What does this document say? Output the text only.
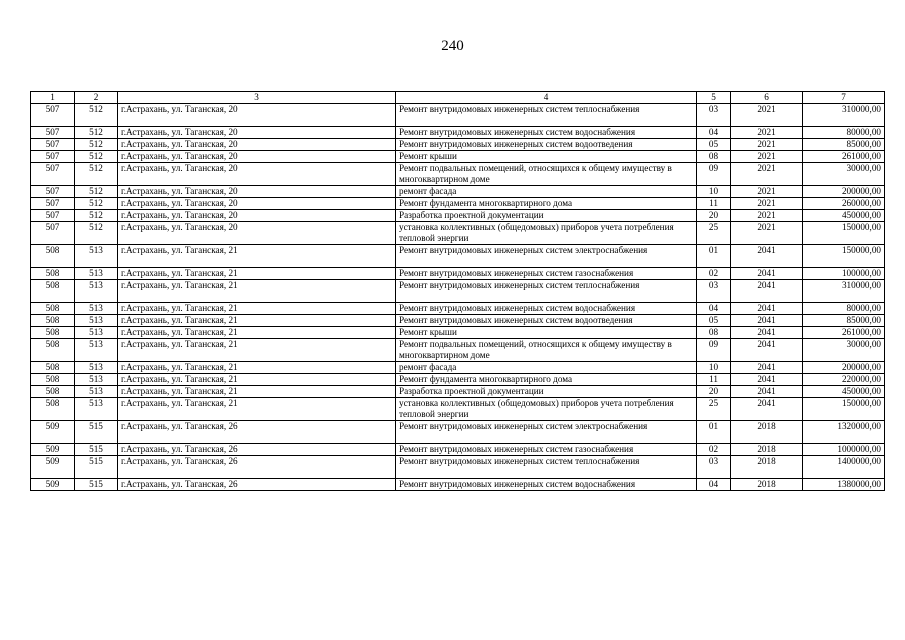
240
1	2	3	4	5	6	7
507	512	г.Астрахань, ул. Таганская, 20	Ремонт внутридомовых инженерных систем теплоснабжения	03	2021	310000,00
507	512	г.Астрахань, ул. Таганская, 20	Ремонт внутридомовых инженерных систем водоснабжения	04	2021	80000,00
507	512	г.Астрахань, ул. Таганская, 20	Ремонт внутридомовых инженерных систем водоотведения	05	2021	85000,00
507	512	г.Астрахань, ул. Таганская, 20	Ремонт крыши	08	2021	261000,00
507	512	г.Астрахань, ул. Таганская, 20	Ремонт подвальных помещений, относящихся к общему имуществу в многоквартирном доме	09	2021	30000,00
507	512	г.Астрахань, ул. Таганская, 20	ремонт фасада	10	2021	200000,00
507	512	г.Астрахань, ул. Таганская, 20	Ремонт фундамента многоквартирного дома	11	2021	260000,00
507	512	г.Астрахань, ул. Таганская, 20	Разработка проектной документации	20	2021	450000,00
507	512	г.Астрахань, ул. Таганская, 20	установка коллективных (общедомовых) приборов учета потребления тепловой энергии	25	2021	150000,00
508	513	г.Астрахань, ул. Таганская, 21	Ремонт внутридомовых инженерных систем электроснабжения	01	2041	150000,00
508	513	г.Астрахань, ул. Таганская, 21	Ремонт внутридомовых инженерных систем газоснабжения	02	2041	100000,00
508	513	г.Астрахань, ул. Таганская, 21	Ремонт внутридомовых инженерных систем теплоснабжения	03	2041	310000,00
508	513	г.Астрахань, ул. Таганская, 21	Ремонт внутридомовых инженерных систем водоснабжения	04	2041	80000,00
508	513	г.Астрахань, ул. Таганская, 21	Ремонт внутридомовых инженерных систем водоотведения	05	2041	85000,00
508	513	г.Астрахань, ул. Таганская, 21	Ремонт крыши	08	2041	261000,00
508	513	г.Астрахань, ул. Таганская, 21	Ремонт подвальных помещений, относящихся к общему имуществу в многоквартирном доме	09	2041	30000,00
508	513	г.Астрахань, ул. Таганская, 21	ремонт фасада	10	2041	200000,00
508	513	г.Астрахань, ул. Таганская, 21	Ремонт фундамента многоквартирного дома	11	2041	220000,00
508	513	г.Астрахань, ул. Таганская, 21	Разработка проектной документации	20	2041	450000,00
508	513	г.Астрахань, ул. Таганская, 21	установка коллективных (общедомовых) приборов учета потребления тепловой энергии	25	2041	150000,00
509	515	г.Астрахань, ул. Таганская, 26	Ремонт внутридомовых инженерных систем электроснабжения	01	2018	1320000,00
509	515	г.Астрахань, ул. Таганская, 26	Ремонт внутридомовых инженерных систем газоснабжения	02	2018	1000000,00
509	515	г.Астрахань, ул. Таганская, 26	Ремонт внутридомовых инженерных систем теплоснабжения	03	2018	1400000,00
509	515	г.Астрахань, ул. Таганская, 26	Ремонт внутридомовых инженерных систем водоснабжения	04	2018	1380000,00
